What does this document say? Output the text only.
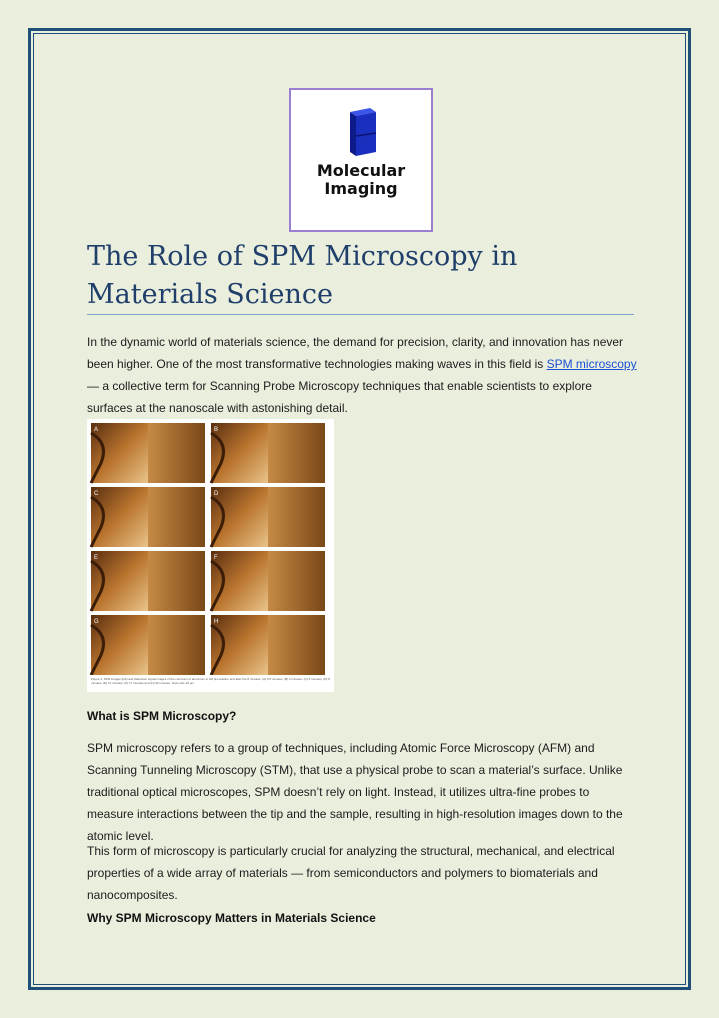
Molecular
Imaging
The Role of SPM Microscopy in
Materials Science

In the dynamic world of materials science, the demand for precision, clarity, and innovation has never been higher. One of the most transformative technologies making waves in this field is SPM microscopy — a collective term for Scanning Probe Microscopy techniques that enable scientists to explore surfaces at the nanoscale with astonishing detail.

A	B
C	D
E	F
G	H
Figure 3. SPM images (left) and deflection signal images of the corrosion of aluminum in 1M pH solution and after the 8 minutes: (A) 0.5 minutes, (B) 4 minutes, (C) 6 minutes, (D) 8 minutes, (E) 12 minutes, (F) 17 minutes and (H) 22 minutes. Scan size 10 µm.

What is SPM Microscopy?

SPM microscopy refers to a group of techniques, including Atomic Force Microscopy (AFM) and Scanning Tunneling Microscopy (STM), that use a physical probe to scan a material’s surface. Unlike traditional optical microscopes, SPM doesn’t rely on light. Instead, it utilizes ultra-fine probes to measure interactions between the tip and the sample, resulting in high-resolution images down to the atomic level.

This form of microscopy is particularly crucial for analyzing the structural, mechanical, and electrical properties of a wide array of materials — from semiconductors and polymers to biomaterials and nanocomposites.

Why SPM Microscopy Matters in Materials Science
